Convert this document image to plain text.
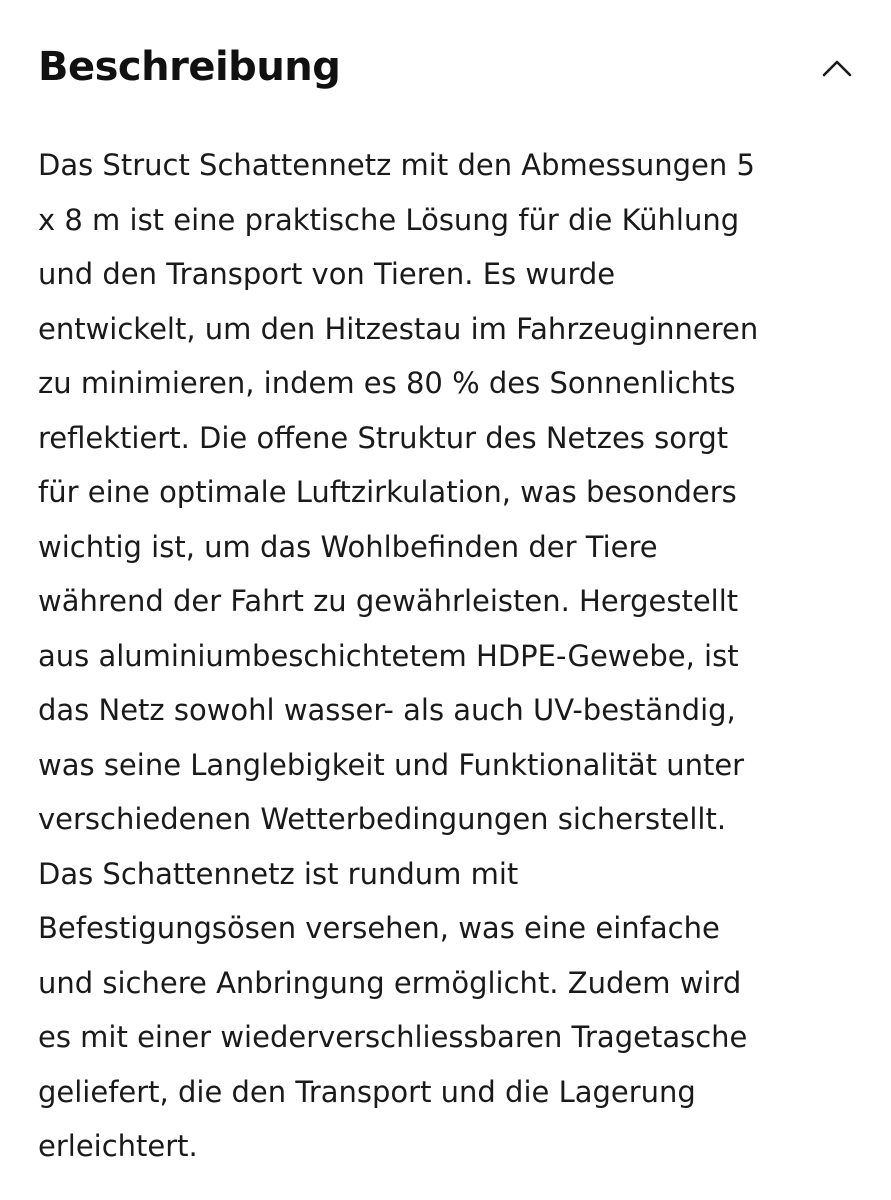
Beschreibung

Das Struct Schattennetz mit den Abmessungen 5
x 8 m ist eine praktische Lösung für die Kühlung
und den Transport von Tieren. Es wurde
entwickelt, um den Hitzestau im Fahrzeuginneren
zu minimieren, indem es 80 % des Sonnenlichts
reflektiert. Die offene Struktur des Netzes sorgt
für eine optimale Luftzirkulation, was besonders
wichtig ist, um das Wohlbefinden der Tiere
während der Fahrt zu gewährleisten. Hergestellt
aus aluminiumbeschichtetem HDPE-Gewebe, ist
das Netz sowohl wasser- als auch UV-beständig,
was seine Langlebigkeit und Funktionalität unter
verschiedenen Wetterbedingungen sicherstellt.
Das Schattennetz ist rundum mit
Befestigungsösen versehen, was eine einfache
und sichere Anbringung ermöglicht. Zudem wird
es mit einer wiederverschliessbaren Tragetasche
geliefert, die den Transport und die Lagerung
erleichtert.
